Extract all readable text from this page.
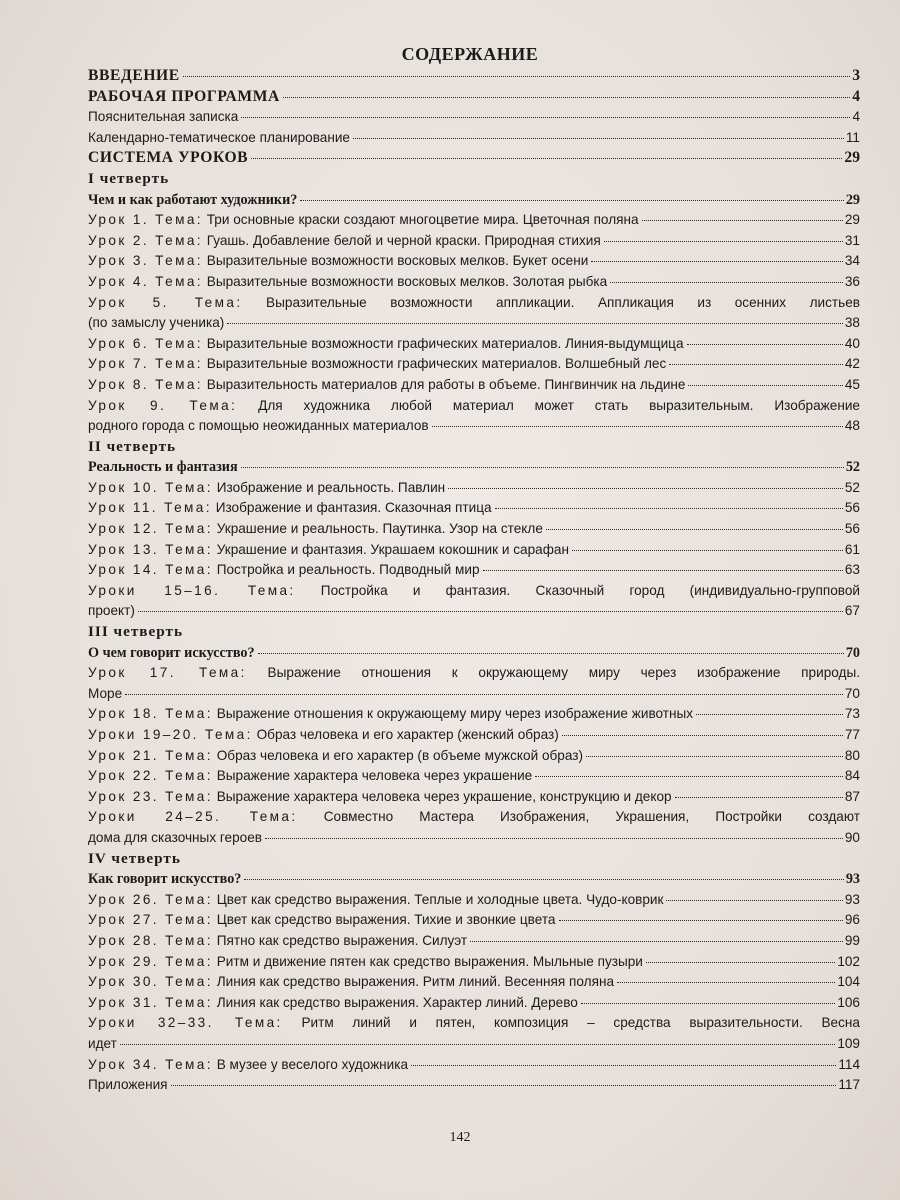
СОДЕРЖАНИЕ
ВВЕДЕНИЕ	3
РАБОЧАЯ ПРОГРАММА	4
Пояснительная записка	4
Календарно-тематическое планирование	11
СИСТЕМА УРОКОВ	29
I четверть
Чем и как работают художники?	29
Урок 1. Тема: Три основные краски создают многоцветие мира. Цветочная поляна	29
Урок 2. Тема: Гуашь. Добавление белой и черной краски. Природная стихия	31
Урок 3. Тема: Выразительные возможности восковых мелков. Букет осени	34
Урок 4. Тема: Выразительные возможности восковых мелков. Золотая рыбка	36
Урок 5. Тема: Выразительные возможности аппликации. Аппликация из осенних листьев
(по замыслу ученика)	38
Урок 6. Тема: Выразительные возможности графических материалов. Линия-выдумщица	40
Урок 7. Тема: Выразительные возможности графических материалов. Волшебный лес	42
Урок 8. Тема: Выразительность материалов для работы в объеме. Пингвинчик на льдине	45
Урок 9. Тема: Для художника любой материал может стать выразительным. Изображение
родного города с помощью неожиданных материалов	48
II четверть
Реальность и фантазия	52
Урок 10. Тема: Изображение и реальность. Павлин	52
Урок 11. Тема: Изображение и фантазия. Сказочная птица	56
Урок 12. Тема: Украшение и реальность. Паутинка. Узор на стекле	56
Урок 13. Тема: Украшение и фантазия. Украшаем кокошник и сарафан	61
Урок 14. Тема: Постройка и реальность. Подводный мир	63
Уроки 15–16. Тема: Постройка и фантазия. Сказочный город (индивидуально-групповой
проект)	67
III четверть
О чем говорит искусство?	70
Урок 17. Тема: Выражение отношения к окружающему миру через изображение природы.
Море	70
Урок 18. Тема: Выражение отношения к окружающему миру через изображение животных	73
Уроки 19–20. Тема: Образ человека и его характер (женский образ)	77
Урок 21. Тема: Образ человека и его характер (в объеме мужской образ)	80
Урок 22. Тема: Выражение характера человека через украшение	84
Урок 23. Тема: Выражение характера человека через украшение, конструкцию и декор	87
Уроки 24–25. Тема: Совместно Мастера Изображения, Украшения, Постройки создают
дома для сказочных героев	90
IV четверть
Как говорит искусство?	93
Урок 26. Тема: Цвет как средство выражения. Теплые и холодные цвета. Чудо-коврик	93
Урок 27. Тема: Цвет как средство выражения. Тихие и звонкие цвета	96
Урок 28. Тема: Пятно как средство выражения. Силуэт	99
Урок 29. Тема: Ритм и движение пятен как средство выражения. Мыльные пузыри	102
Урок 30. Тема: Линия как средство выражения. Ритм линий. Весенняя поляна	104
Урок 31. Тема: Линия как средство выражения. Характер линий. Дерево	106
Уроки 32–33. Тема: Ритм линий и пятен, композиция – средства выразительности. Весна
идет	109
Урок 34. Тема: В музее у веселого художника	114
Приложения	117
142
